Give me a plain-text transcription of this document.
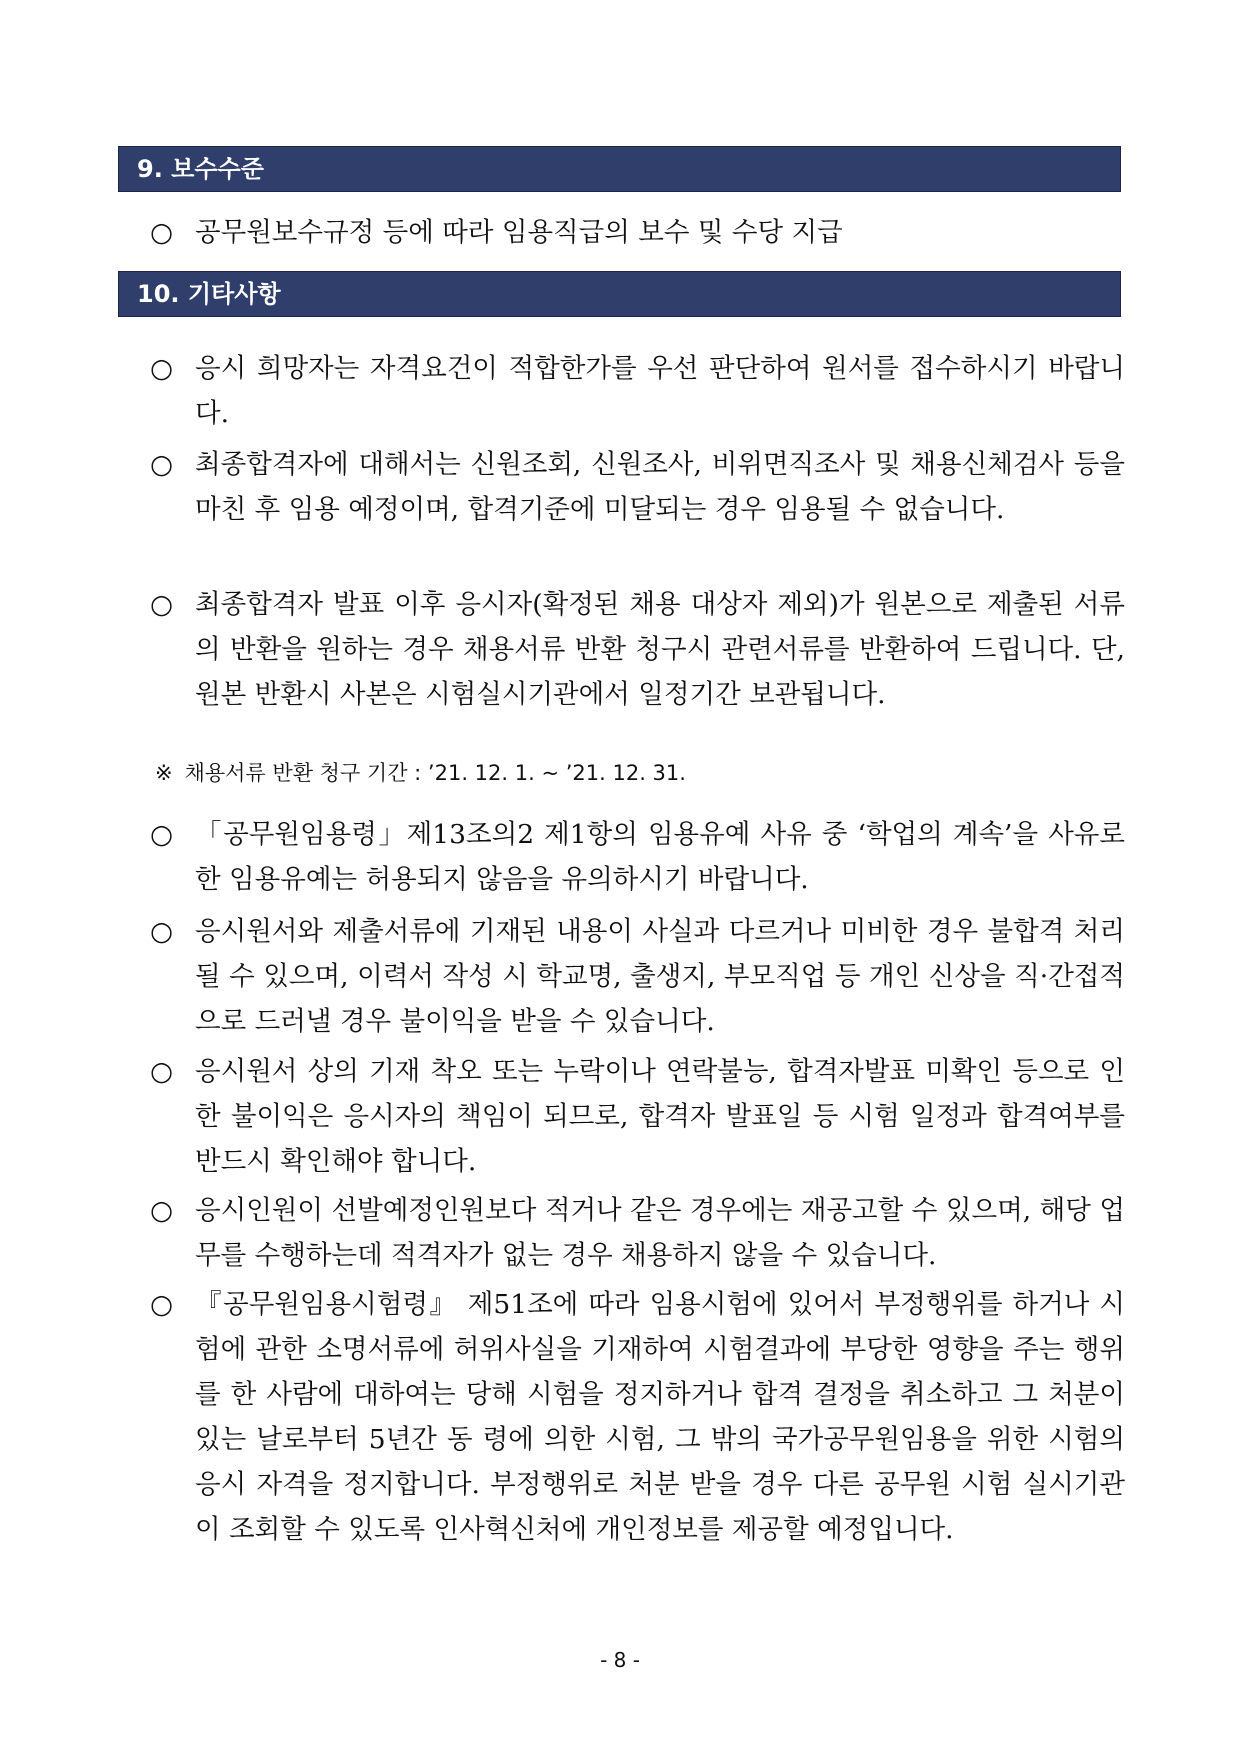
9. 보수수준
○ 공무원보수규정 등에 따라 임용직급의 보수 및 수당 지급
10. 기타사항
○ 응시 희망자는 자격요건이 적합한가를 우선 판단하여 원서를 접수하시기 바랍니다.
○ 최종합격자에 대해서는 신원조회, 신원조사, 비위면직조사 및 채용신체검사 등을 마친 후 임용 예정이며, 합격기준에 미달되는 경우 임용될 수 없습니다.
○ 최종합격자 발표 이후 응시자(확정된 채용 대상자 제외)가 원본으로 제출된 서류의 반환을 원하는 경우 채용서류 반환 청구시 관련서류를 반환하여 드립니다. 단, 원본 반환시 사본은 시험실시기관에서 일정기간 보관됩니다.
※ 채용서류 반환 청구 기간 : ’21. 12. 1. ~ ’21. 12. 31.
○ 「공무원임용령」제13조의2 제1항의 임용유예 사유 중 ‘학업의 계속’을 사유로 한 임용유예는 허용되지 않음을 유의하시기 바랍니다.
○ 응시원서와 제출서류에 기재된 내용이 사실과 다르거나 미비한 경우 불합격 처리될 수 있으며, 이력서 작성 시 학교명, 출생지, 부모직업 등 개인 신상을 직·간접적으로 드러낼 경우 불이익을 받을 수 있습니다.
○ 응시원서 상의 기재 착오 또는 누락이나 연락불능, 합격자발표 미확인 등으로 인한 불이익은 응시자의 책임이 되므로, 합격자 발표일 등 시험 일정과 합격여부를 반드시 확인해야 합니다.
○ 응시인원이 선발예정인원보다 적거나 같은 경우에는 재공고할 수 있으며, 해당 업무를 수행하는데 적격자가 없는 경우 채용하지 않을 수 있습니다.
○ 『공무원임용시험령』 제51조에 따라 임용시험에 있어서 부정행위를 하거나 시험에 관한 소명서류에 허위사실을 기재하여 시험결과에 부당한 영향을 주는 행위를 한 사람에 대하여는 당해 시험을 정지하거나 합격 결정을 취소하고 그 처분이 있는 날로부터 5년간 동 령에 의한 시험, 그 밖의 국가공무원임용을 위한 시험의 응시 자격을 정지합니다. 부정행위로 처분 받을 경우 다른 공무원 시험 실시기관이 조회할 수 있도록 인사혁신처에 개인정보를 제공할 예정입니다.
- 8 -
